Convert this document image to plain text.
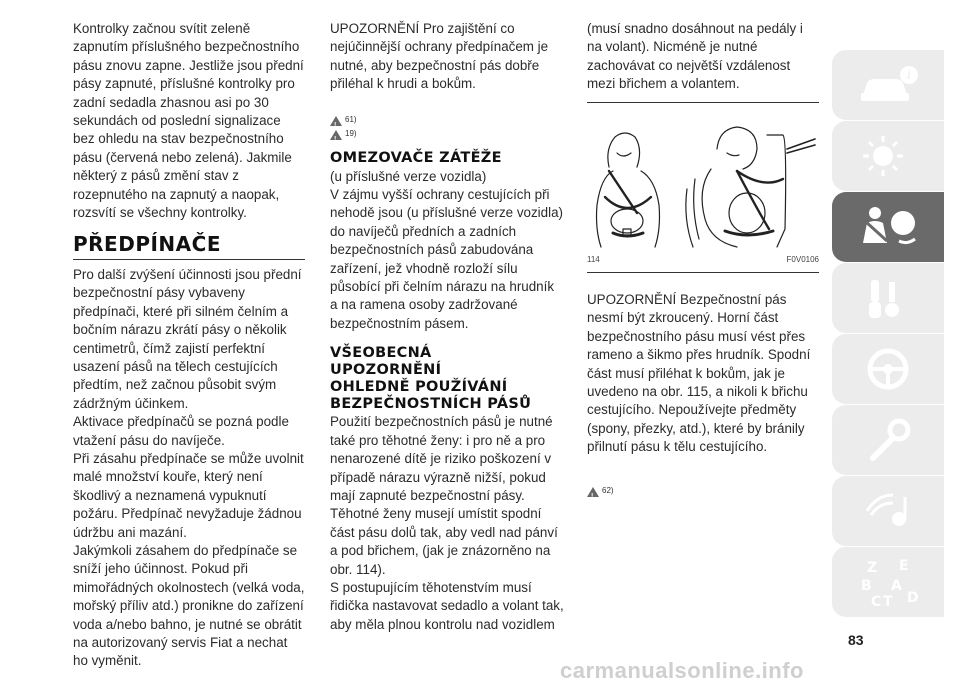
Kontrolky začnou svítit zeleně zapnutím příslušného bezpečnostního pásu znovu zapne. Jestliže jsou přední pásy zapnuté, příslušné kontrolky pro zadní sedadla zhasnou asi po 30 sekundách od poslední signalizace bez ohledu na stav bezpečnostního pásu (červená nebo zelená). Jakmile některý z pásů změní stav z rozepnutého na zapnutý a naopak, rozsvítí se všechny kontrolky.

PŘEDPÍNAČE

Pro další zvýšení účinnosti jsou přední bezpečnostní pásy vybaveny předpínači, které při silném čelním a bočním nárazu zkrátí pásy o několik centimetrů, čímž zajistí perfektní usazení pásů na tělech cestujících předtím, než začnou působit svým zádržným účinkem.

Aktivace předpínačů se pozná podle vtažení pásu do navíječe.

Při zásahu předpínače se může uvolnit malé množství kouře, který není škodlivý a neznamená vypuknutí požáru. Předpínač nevyžaduje žádnou údržbu ani mazání.

Jakýmkoli zásahem do předpínače se sníží jeho účinnost. Pokud při mimořádných okolnostech (velká voda, mořský příliv atd.) pronikne do zařízení voda a/nebo bahno, je nutné se obrátit na autorizovaný servis Fiat a nechat ho vyměnit.

UPOZORNĚNÍ Pro zajištění co nejúčinnější ochrany předpínačem je nutné, aby bezpečnostní pás dobře přiléhal k hrudi a bokům.

!
61)
!
19)
OMEZOVAČE ZÁTĚŽE

(u příslušné verze vozidla)

V zájmu vyšší ochrany cestujících při nehodě jsou (u příslušné verze vozidla) do navíječů předních a zadních bezpečnostních pásů zabudována zařízení, jež vhodně rozloží sílu působící při čelním nárazu na hrudník a na ramena osoby zadržované bezpečnostním pásem.

VŠEOBECNÁ
UPOZORNĚNÍ
OHLEDNĚ POUŽÍVÁNÍ
BEZPEČNOSTNÍCH PÁSŮ

Použití bezpečnostních pásů je nutné také pro těhotné ženy: i pro ně a pro nenarozené dítě je riziko poškození v případě nárazu výrazně nižší, pokud mají zapnuté bezpečnostní pásy. Těhotné ženy musejí umístit spodní část pásu dolů tak, aby vedl nad pánví a pod břichem, (jak je znázorněno na obr. 114).

S postupujícím těhotenstvím musí řidička nastavovat sedadlo a volant tak, aby měla plnou kontrolu nad vozidlem

(musí snadno dosáhnout na pedály i na volant). Nicméně je nutné zachovávat co největší vzdálenost mezi břichem a volantem.

114	F0V0106

UPOZORNĚNÍ Bezpečnostní pás nesmí být zkroucený. Horní část bezpečnostního pásu musí vést přes rameno a šikmo přes hrudník. Spodní část musí přiléhat k bokům, jak je uvedeno na obr. 115, a nikoli k břichu cestujícího. Nepoužívejte předměty (spony, přezky, atd.), které by bránily přilnutí pásu k tělu cestujícího.

!
62)
i
Z E
B A
C T D
83
carmanualsonline.info
